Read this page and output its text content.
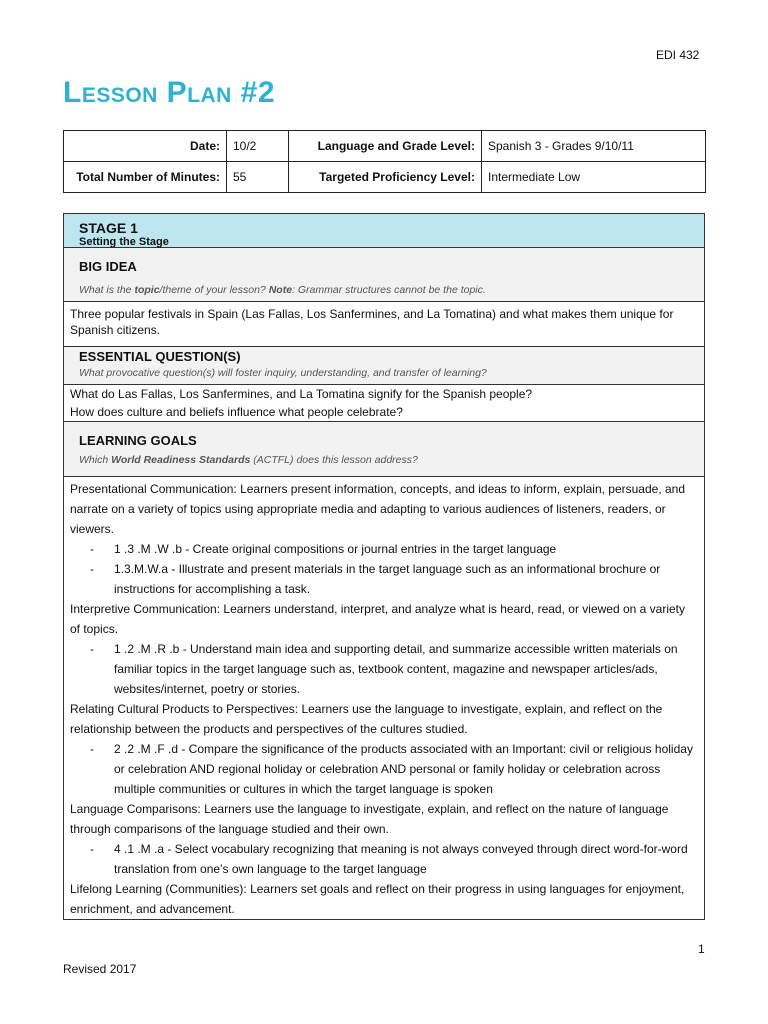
EDI 432
Lesson Plan #2
Date:	10/2	Language and Grade Level:	Spanish 3 - Grades 9/10/11
Total Number of Minutes:	55	Targeted Proficiency Level:	Intermediate Low
STAGE 1
Setting the Stage
BIG IDEA
What is the topic/theme of your lesson? Note: Grammar structures cannot be the topic.

Three popular festivals in Spain (Las Fallas, Los Sanfermines, and La Tomatina) and what makes them unique for Spanish citizens.

ESSENTIAL QUESTION(S)
What provocative question(s) will foster inquiry, understanding, and transfer of learning?

What do Las Fallas, Los Sanfermines, and La Tomatina signify for the Spanish people?

How does culture and beliefs influence what people celebrate?

LEARNING GOALS
Which World Readiness Standards (ACTFL) does this lesson address?

Presentational Communication: Learners present information, concepts, and ideas to inform, explain, persuade, and narrate on a variety of topics using appropriate media and adapting to various audiences of listeners, readers, or viewers.

- 1 .3 .M .W .b - Create original compositions or journal entries in the target language
- 1.3.M.W.a - Illustrate and present materials in the target language such as an informational brochure or instructions for accomplishing a task.

Interpretive Communication: Learners understand, interpret, and analyze what is heard, read, or viewed on a variety of topics.

- 1 .2 .M .R .b - Understand main idea and supporting detail, and summarize accessible written materials on familiar topics in the target language such as, textbook content, magazine and newspaper articles/ads, websites/internet, poetry or stories.

Relating Cultural Products to Perspectives: Learners use the language to investigate, explain, and reflect on the relationship between the products and perspectives of the cultures studied.

- 2 .2 .M .F .d - Compare the significance of the products associated with an Important: civil or religious holiday or celebration AND regional holiday or celebration AND personal or family holiday or celebration across multiple communities or cultures in which the target language is spoken

Language Comparisons: Learners use the language to investigate, explain, and reflect on the nature of language through comparisons of the language studied and their own.

- 4 .1 .M .a - Select vocabulary recognizing that meaning is not always conveyed through direct word-for-word translation from one’s own language to the target language

Lifelong Learning (Communities): Learners set goals and reflect on their progress in using languages for enjoyment, enrichment, and advancement.

1
Revised 2017
